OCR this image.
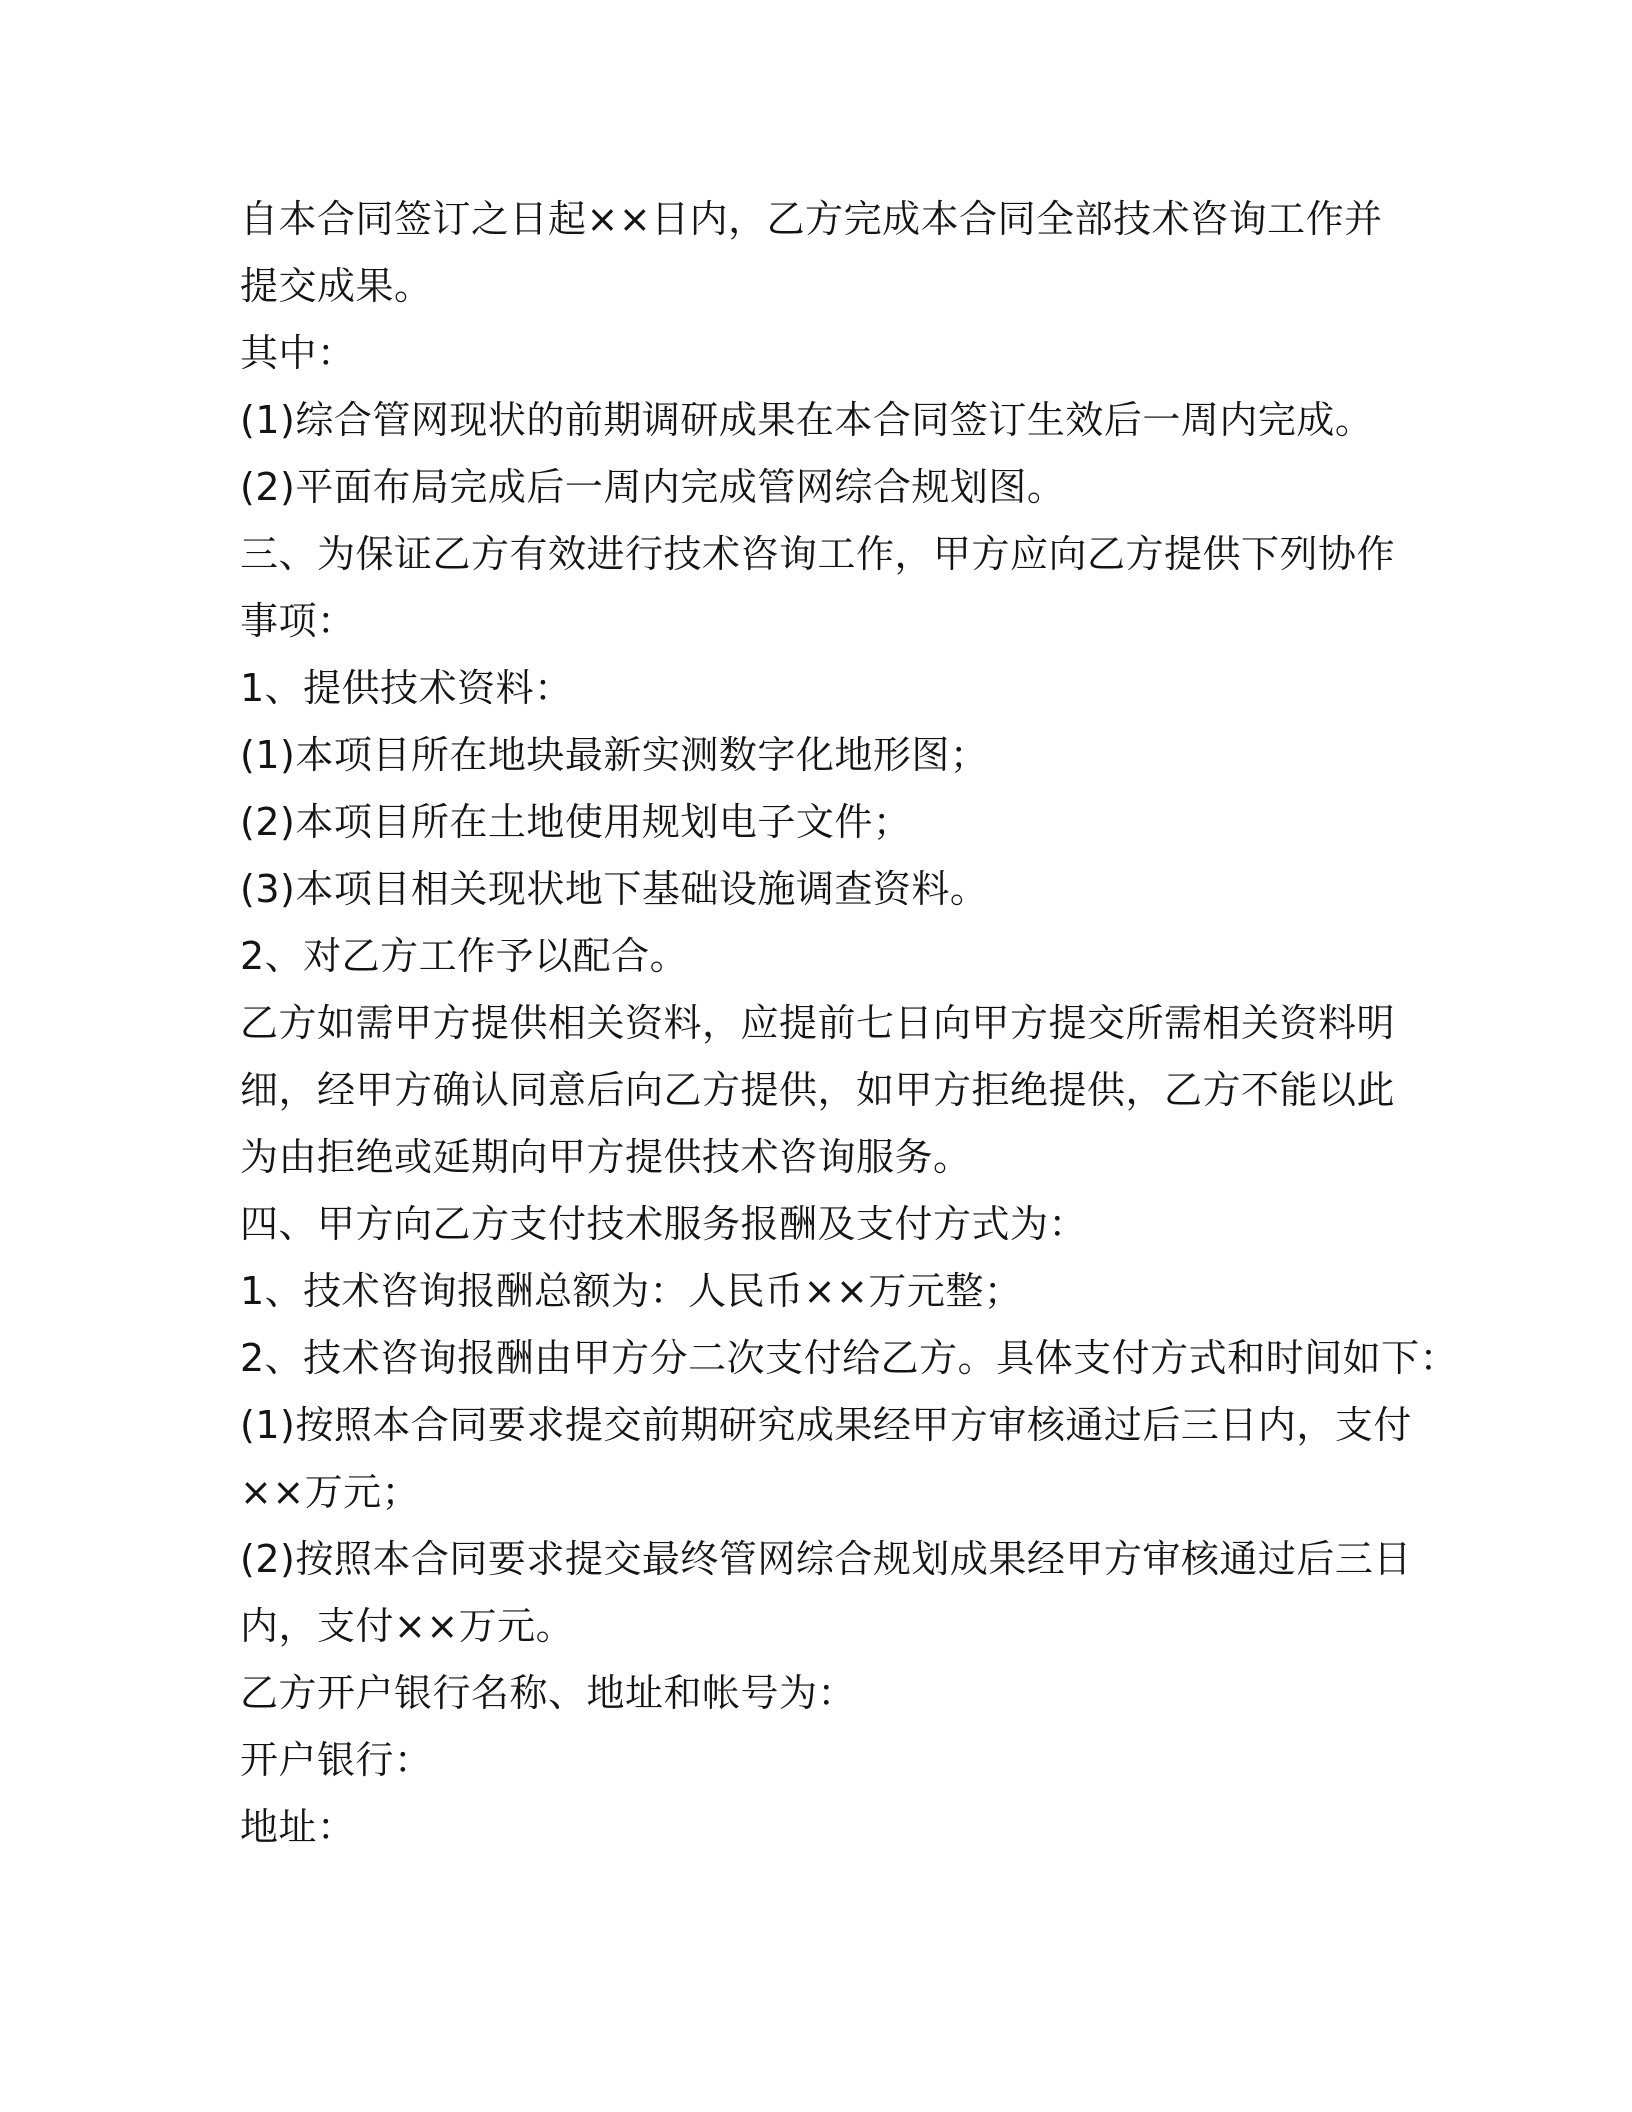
自本合同签订之日起××日内，乙方完成本合同全部技术咨询工作并
提交成果。
其中：
(1)综合管网现状的前期调研成果在本合同签订生效后一周内完成。
(2)平面布局完成后一周内完成管网综合规划图。
三、为保证乙方有效进行技术咨询工作，甲方应向乙方提供下列协作
事项：
1、提供技术资料：
(1)本项目所在地块最新实测数字化地形图；
(2)本项目所在土地使用规划电子文件；
(3)本项目相关现状地下基础设施调查资料。
2、对乙方工作予以配合。
乙方如需甲方提供相关资料，应提前七日向甲方提交所需相关资料明
细，经甲方确认同意后向乙方提供，如甲方拒绝提供，乙方不能以此
为由拒绝或延期向甲方提供技术咨询服务。
四、甲方向乙方支付技术服务报酬及支付方式为：
1、技术咨询报酬总额为：人民币××万元整；
2、技术咨询报酬由甲方分二次支付给乙方。具体支付方式和时间如下：
(1)按照本合同要求提交前期研究成果经甲方审核通过后三日内，支付
××万元；
(2)按照本合同要求提交最终管网综合规划成果经甲方审核通过后三日
内，支付××万元。
乙方开户银行名称、地址和帐号为：
开户银行：
地址：
